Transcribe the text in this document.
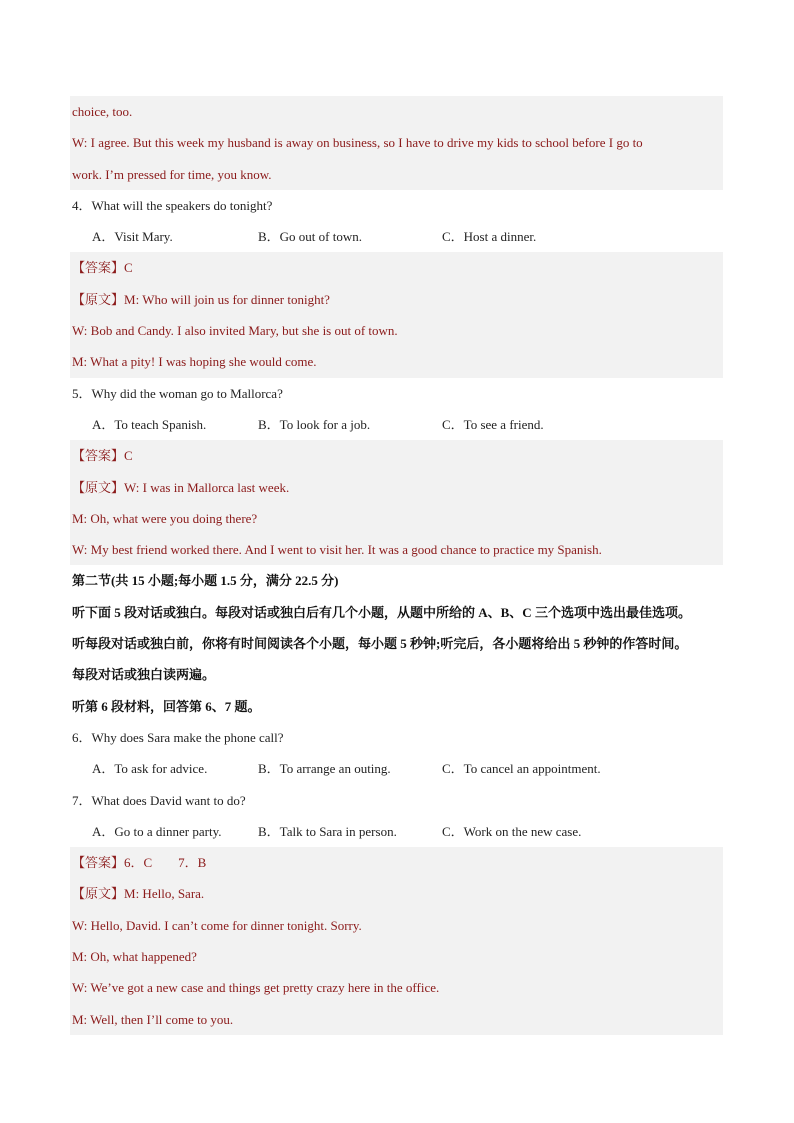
choice, too.
W: I agree. But this week my husband is away on business, so I have to drive my kids to school before I go to
work. I’m pressed for time, you know.
4．What will the speakers do tonight?
A．Visit Mary.	B．Go out of town.	C．Host a dinner.
【答案】C
【原文】M: Who will join us for dinner tonight?
W: Bob and Candy. I also invited Mary, but she is out of town.
M: What a pity! I was hoping she would come.
5．Why did the woman go to Mallorca?
A．To teach Spanish.	B．To look for a job.	C．To see a friend.
【答案】C
【原文】W: I was in Mallorca last week.
M: Oh, what were you doing there?
W: My best friend worked there. And I went to visit her. It was a good chance to practice my Spanish.
第二节(共 15 小题;每小题 1.5 分，满分 22.5 分)
听下面 5 段对话或独白。每段对话或独白后有几个小题，从题中所给的 A、B、C 三个选项中选出最佳选项。
听每段对话或独白前，你将有时间阅读各个小题，每小题 5 秒钟;听完后，各小题将给出 5 秒钟的作答时间。
每段对话或独白读两遍。
听第 6 段材料，回答第 6、7 题。
6．Why does Sara make the phone call?
A．To ask for advice.	B．To arrange an outing.	C．To cancel an appointment.
7．What does David want to do?
A．Go to a dinner party.	B．Talk to Sara in person.	C．Work on the new case.
【答案】6．C        7．B
【原文】M: Hello, Sara.
W: Hello, David. I can’t come for dinner tonight. Sorry.
M: Oh, what happened?
W: We’ve got a new case and things get pretty crazy here in the office.
M: Well, then I’ll come to you.
